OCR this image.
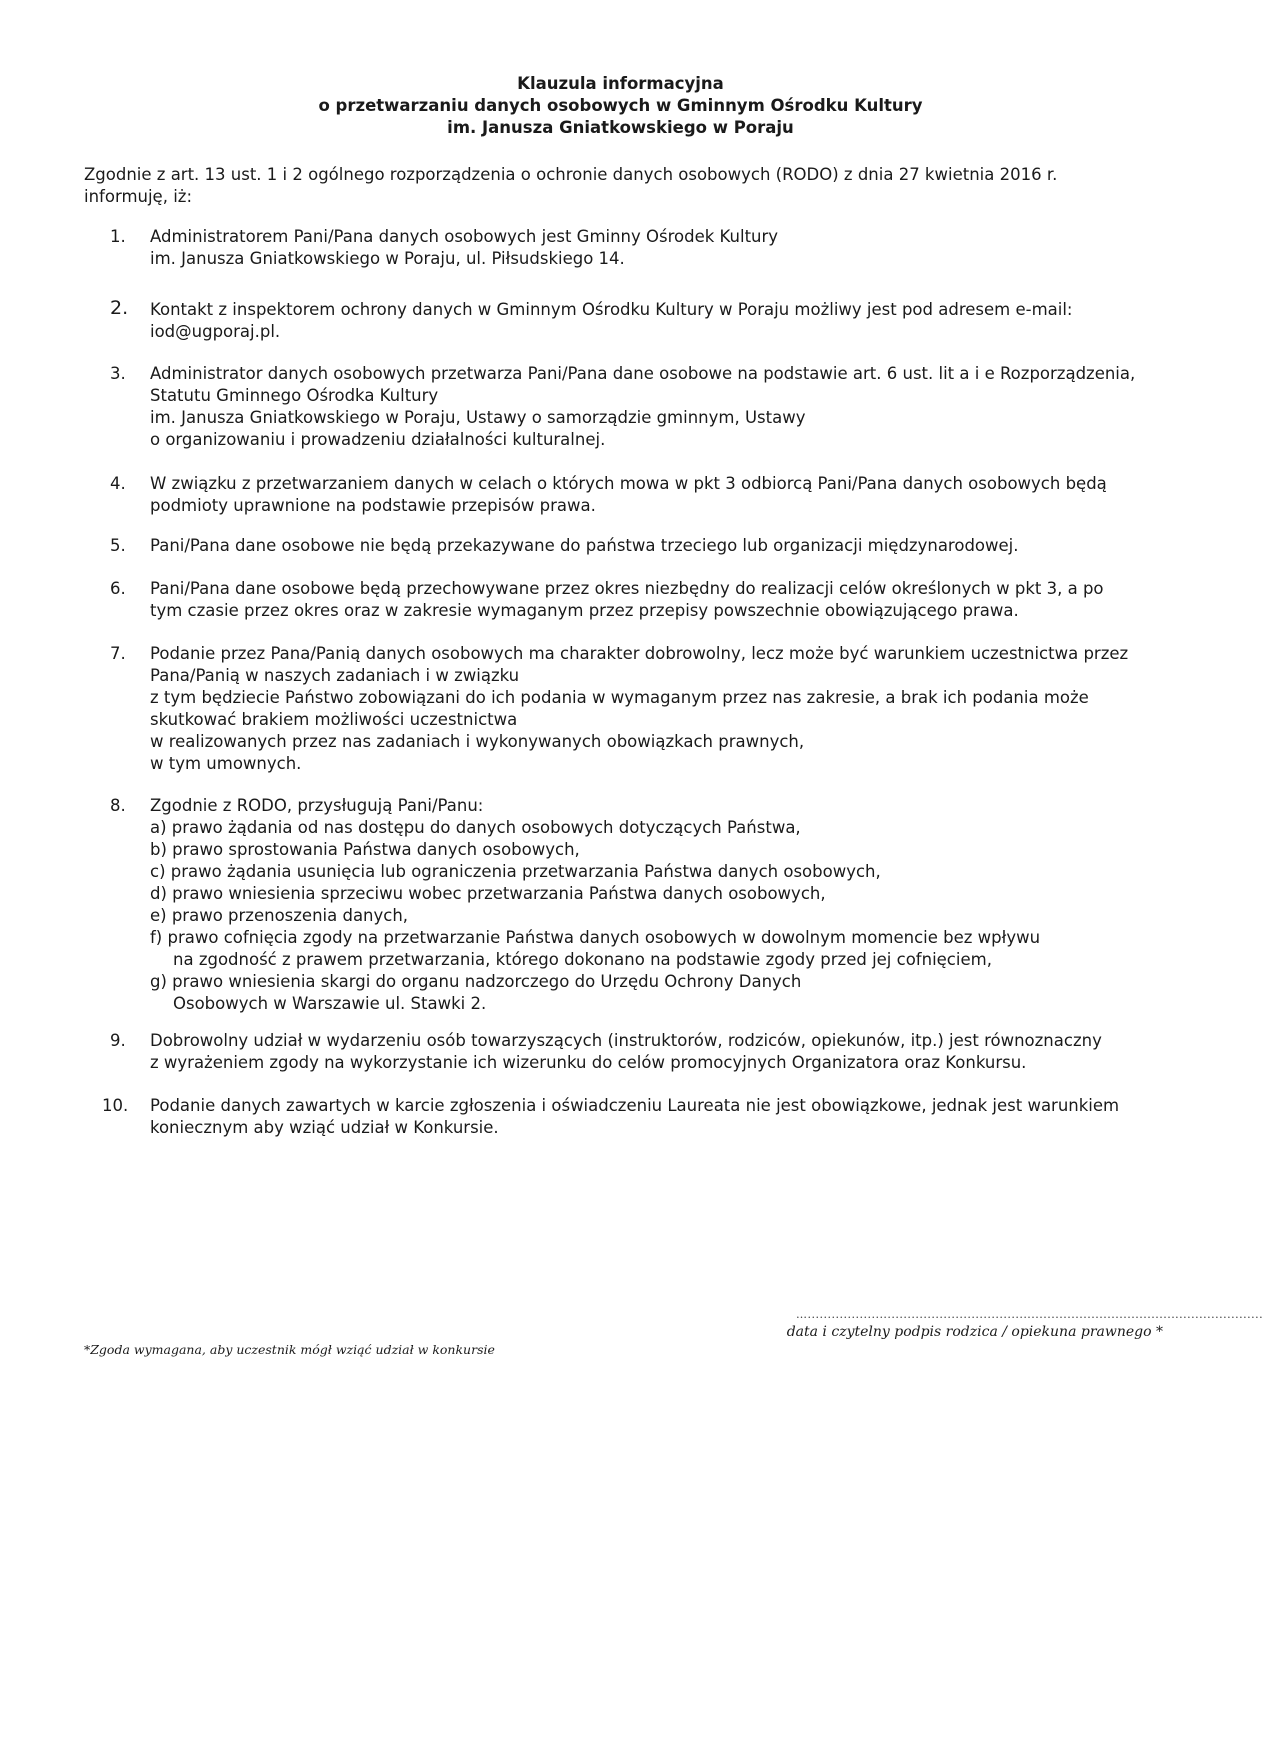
Klauzula informacyjna
o przetwarzaniu danych osobowych w Gminnym Ośrodku Kultury
im. Janusza Gniatkowskiego w Poraju
Zgodnie z art. 13 ust. 1 i 2 ogólnego rozporządzenia o ochronie danych osobowych (RODO) z dnia 27 kwietnia 2016 r.
informuję, iż:
1.	Administratorem Pani/Pana danych osobowych jest Gminny Ośrodek Kultury
im. Janusza Gniatkowskiego w Poraju, ul. Piłsudskiego 14.
2.	Kontakt z inspektorem ochrony danych w Gminnym Ośrodku Kultury w Poraju możliwy jest pod adresem e-mail:
iod@ugporaj.pl.
3.	Administrator danych osobowych przetwarza Pani/Pana dane osobowe na podstawie art. 6 ust. lit a i e Rozporządzenia,
Statutu Gminnego Ośrodka Kultury
im. Janusza Gniatkowskiego w Poraju, Ustawy o samorządzie gminnym, Ustawy
o organizowaniu i prowadzeniu działalności kulturalnej.
4.	W związku z przetwarzaniem danych w celach o których mowa w pkt 3 odbiorcą Pani/Pana danych osobowych będą
podmioty uprawnione na podstawie przepisów prawa.
5.	Pani/Pana dane osobowe nie będą przekazywane do państwa trzeciego lub organizacji międzynarodowej.
6.	Pani/Pana dane osobowe będą przechowywane przez okres niezbędny do realizacji celów określonych w pkt 3, a po
tym czasie przez okres oraz w zakresie wymaganym przez przepisy powszechnie obowiązującego prawa.
7.	Podanie przez Pana/Panią danych osobowych ma charakter dobrowolny, lecz może być warunkiem uczestnictwa przez
Pana/Panią w naszych zadaniach i w związku
z tym będziecie Państwo zobowiązani do ich podania w wymaganym przez nas zakresie, a brak ich podania może
skutkować brakiem możliwości uczestnictwa
w realizowanych przez nas zadaniach i wykonywanych obowiązkach prawnych,
w tym umownych.
8.	Zgodnie z RODO, przysługują Pani/Panu:
a) prawo żądania od nas dostępu do danych osobowych dotyczących Państwa,
b) prawo sprostowania Państwa danych osobowych,
c) prawo żądania usunięcia lub ograniczenia przetwarzania Państwa danych osobowych,
d) prawo wniesienia sprzeciwu wobec przetwarzania Państwa danych osobowych,
e) prawo przenoszenia danych,
f) prawo cofnięcia zgody na przetwarzanie Państwa danych osobowych w dowolnym momencie bez wpływu
na zgodność z prawem przetwarzania, którego dokonano na podstawie zgody przed jej cofnięciem,
g) prawo wniesienia skargi do organu nadzorczego do Urzędu Ochrony Danych
Osobowych w Warszawie ul. Stawki 2.
9.	Dobrowolny udział w wydarzeniu osób towarzyszących (instruktorów, rodziców, opiekunów, itp.) jest równoznaczny
z wyrażeniem zgody na wykorzystanie ich wizerunku do celów promocyjnych Organizatora oraz Konkursu.
10.	Podanie danych zawartych w karcie zgłoszenia i oświadczeniu Laureata nie jest obowiązkowe, jednak jest warunkiem
koniecznym aby wziąć udział w Konkursie.
…..................................................................................................................
data i czytelny podpis rodzica / opiekuna prawnego *
*Zgoda wymagana, aby uczestnik mógł wziąć udział w konkursie
